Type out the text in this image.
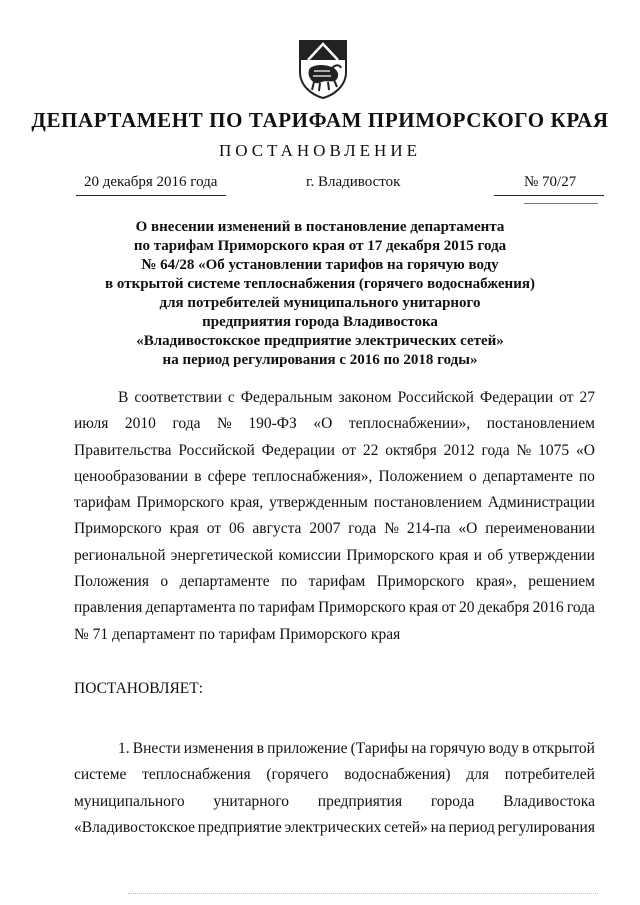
ДЕПАРТАМЕНТ ПО ТАРИФАМ ПРИМОРСКОГО КРАЯ
ПОСТАНОВЛЕНИЕ
20 декабря 2016 года	г. Владивосток	№ 70/27
О внесении изменений в постановление департамента
по тарифам Приморского края от 17 декабря 2015 года
№ 64/28 «Об установлении тарифов на горячую воду
в открытой системе теплоснабжения (горячего водоснабжения)
для потребителей муниципального унитарного
предприятия города Владивостока
«Владивостокское предприятие электрических сетей»
на период регулирования с 2016 по 2018 годы»
В соответствии с Федеральным законом Российской Федерации от 27
июля 2010 года № 190-ФЗ «О теплоснабжении», постановлением
Правительства Российской Федерации от 22 октября 2012 года № 1075 «О
ценообразовании в сфере теплоснабжения», Положением о департаменте по
тарифам Приморского края, утвержденным постановлением Администрации
Приморского края от 06 августа 2007 года № 214-па «О переименовании
региональной энергетической комиссии Приморского края и об утверждении
Положения о департаменте по тарифам Приморского края», решением
правления департамента по тарифам Приморского края от 20 декабря 2016 года
№ 71 департамент по тарифам Приморского края
ПОСТАНОВЛЯЕТ:
1. Внести изменения в приложение (Тарифы на горячую воду в открытой
системе теплоснабжения (горячего водоснабжения) для потребителей
муниципального унитарного предприятия города Владивостока
«Владивостокское предприятие электрических сетей» на период регулирования
